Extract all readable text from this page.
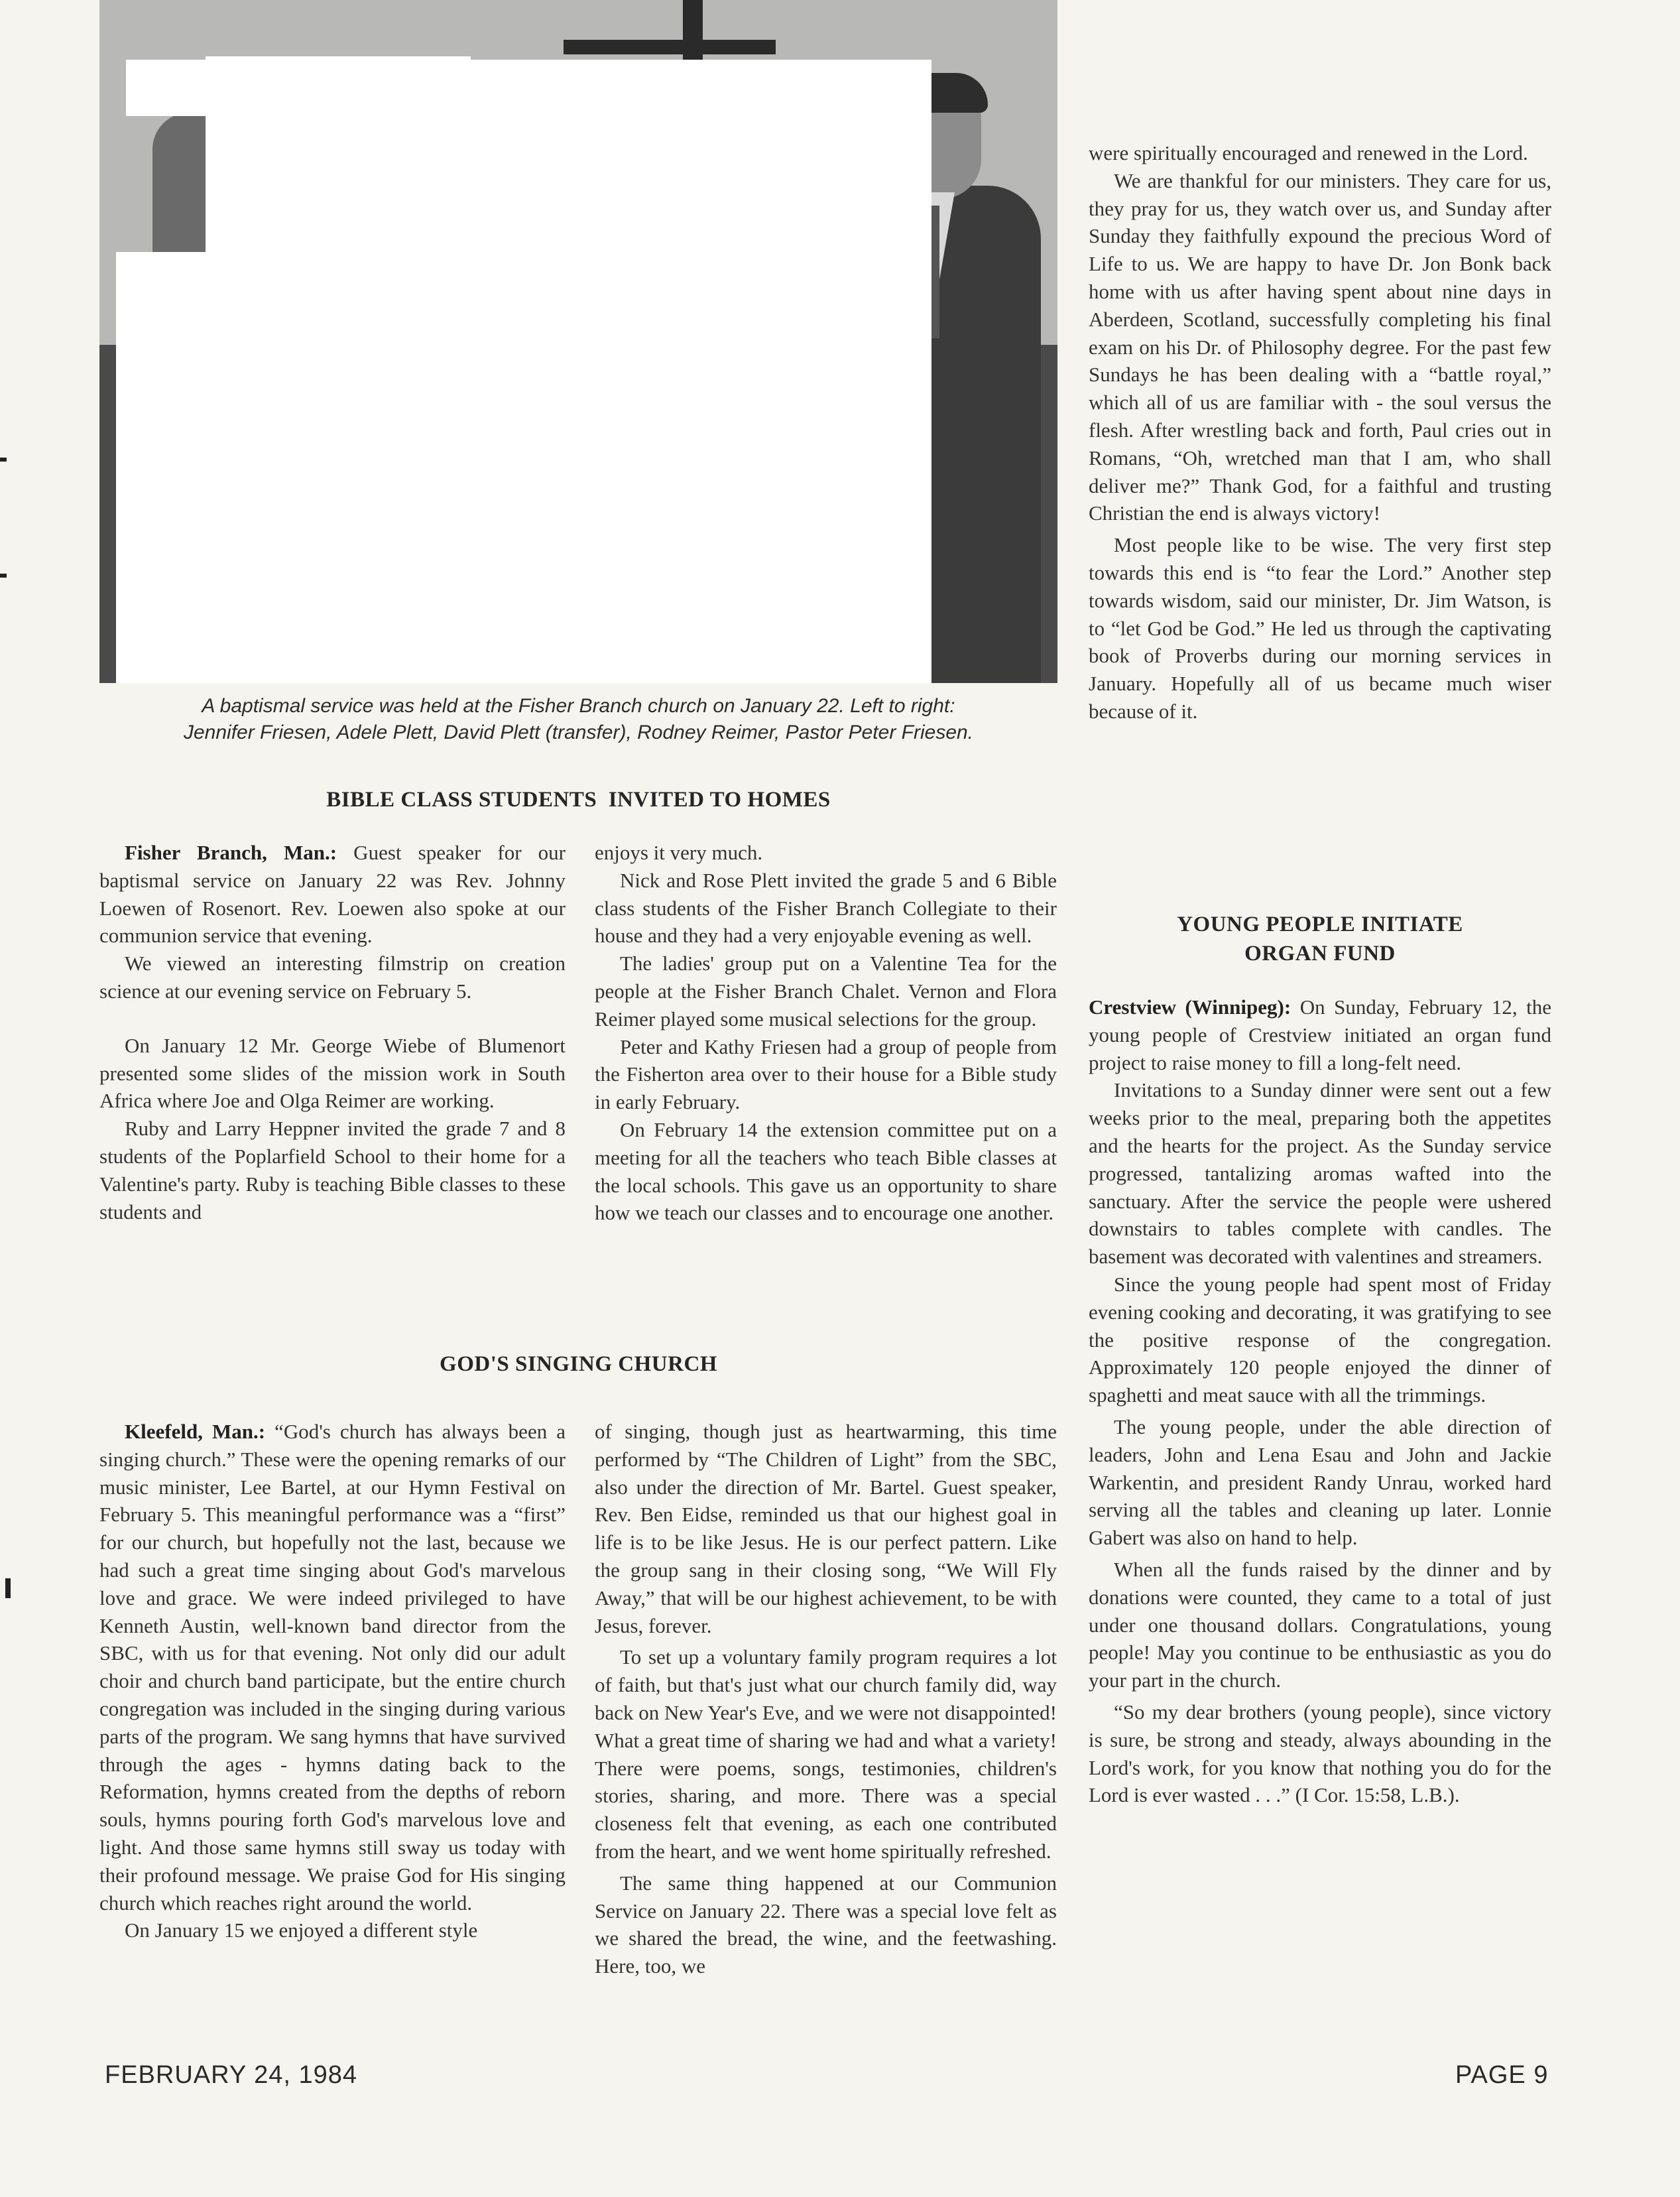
A baptismal service was held at the Fisher Branch church on January 22. Left to right:
Jennifer Friesen, Adele Plett, David Plett (transfer), Rodney Reimer, Pastor Peter Friesen.
BIBLE CLASS STUDENTS  INVITED TO HOMES

Fisher Branch, Man.: Guest speaker for our baptismal service on January 22 was Rev. Johnny Loewen of Rosenort. Rev. Loewen also spoke at our communion service that evening.

We viewed an interesting filmstrip on creation science at our evening service on February 5.

On January 12 Mr. George Wiebe of Blumenort presented some slides of the mission work in South Africa where Joe and Olga Reimer are working.

Ruby and Larry Heppner invited the grade 7 and 8 students of the Poplarfield School to their home for a Valentine's party. Ruby is teaching Bible classes to these students and

enjoys it very much.

Nick and Rose Plett invited the grade 5 and 6 Bible class students of the Fisher Branch Collegiate to their house and they had a very enjoyable evening as well.

The ladies' group put on a Valentine Tea for the people at the Fisher Branch Chalet. Vernon and Flora Reimer played some musical selections for the group.

Peter and Kathy Friesen had a group of people from the Fisherton area over to their house for a Bible study in early February.

On February 14 the extension committee put on a meeting for all the teachers who teach Bible classes at the local schools. This gave us an opportunity to share how we teach our classes and to encourage one another.

GOD'S SINGING CHURCH

Kleefeld, Man.: “God's church has always been a singing church.” These were the opening remarks of our music minister, Lee Bartel, at our Hymn Festival on February 5. This meaningful performance was a “first” for our church, but hopefully not the last, because we had such a great time singing about God's marvelous love and grace. We were indeed privileged to have Kenneth Austin, well-known band director from the SBC, with us for that evening. Not only did our adult choir and church band participate, but the entire church congregation was included in the singing during various parts of the program. We sang hymns that have survived through the ages - hymns dating back to the Reformation, hymns created from the depths of reborn souls, hymns pouring forth God's marvelous love and light. And those same hymns still sway us today with their profound message. We praise God for His singing church which reaches right around the world.

On January 15 we enjoyed a different style

of singing, though just as heartwarming, this time performed by “The Children of Light” from the SBC, also under the direction of Mr. Bartel. Guest speaker, Rev. Ben Eidse, reminded us that our highest goal in life is to be like Jesus. He is our perfect pattern. Like the group sang in their closing song, “We Will Fly Away,” that will be our highest achievement, to be with Jesus, forever.

To set up a voluntary family program requires a lot of faith, but that's just what our church family did, way back on New Year's Eve, and we were not disappointed! What a great time of sharing we had and what a variety! There were poems, songs, testimonies, children's stories, sharing, and more. There was a special closeness felt that evening, as each one contributed from the heart, and we went home spiritually refreshed.

The same thing happened at our Communion Service on January 22. There was a special love felt as we shared the bread, the wine, and the feetwashing. Here, too, we

were spiritually encouraged and renewed in the Lord.

We are thankful for our ministers. They care for us, they pray for us, they watch over us, and Sunday after Sunday they faithfully expound the precious Word of Life to us. We are happy to have Dr. Jon Bonk back home with us after having spent about nine days in Aberdeen, Scotland, successfully completing his final exam on his Dr. of Philosophy degree. For the past few Sundays he has been dealing with a “battle royal,” which all of us are familiar with - the soul versus the flesh. After wrestling back and forth, Paul cries out in Romans, “Oh, wretched man that I am, who shall deliver me?” Thank God, for a faithful and trusting Christian the end is always victory!

Most people like to be wise. The very first step towards this end is “to fear the Lord.” Another step towards wisdom, said our minister, Dr. Jim Watson, is to “let God be God.” He led us through the captivating book of Proverbs during our morning services in January. Hopefully all of us became much wiser because of it.

YOUNG PEOPLE INITIATE
ORGAN FUND

Crestview (Winnipeg): On Sunday, February 12, the young people of Crestview initiated an organ fund project to raise money to fill a long-felt need.

Invitations to a Sunday dinner were sent out a few weeks prior to the meal, preparing both the appetites and the hearts for the project. As the Sunday service progressed, tantalizing aromas wafted into the sanctuary. After the service the people were ushered downstairs to tables complete with candles. The basement was decorated with valentines and streamers.

Since the young people had spent most of Friday evening cooking and decorating, it was gratifying to see the positive response of the congregation. Approximately 120 people enjoyed the dinner of spaghetti and meat sauce with all the trimmings.

The young people, under the able direction of leaders, John and Lena Esau and John and Jackie Warkentin, and president Randy Unrau, worked hard serving all the tables and cleaning up later. Lonnie Gabert was also on hand to help.

When all the funds raised by the dinner and by donations were counted, they came to a total of just under one thousand dollars. Congratulations, young people! May you continue to be enthusiastic as you do your part in the church.

“So my dear brothers (young people), since victory is sure, be strong and steady, always abounding in the Lord's work, for you know that nothing you do for the Lord is ever wasted . . .” (I Cor. 15:58, L.B.).

FEBRUARY 24, 1984	PAGE 9
